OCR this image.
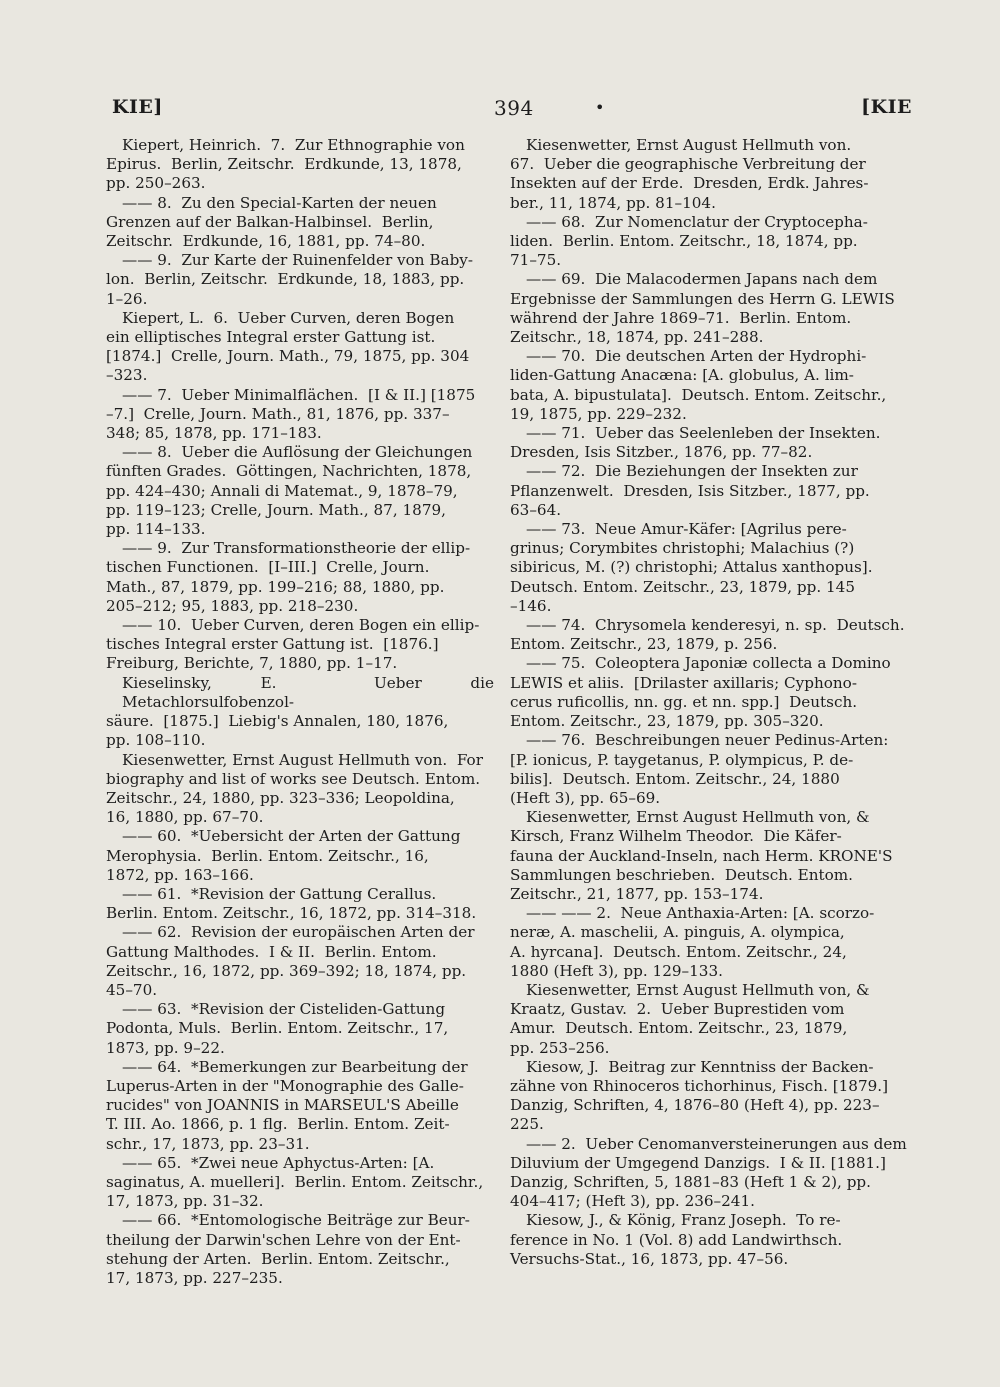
KIE]	394	•	[KIE
Kiepert, Heinrich.  7.  Zur Ethnographie von
Epirus.  Berlin, Zeitschr.  Erdkunde, 13, 1878,
pp. 250–263.
—— 8.  Zu den Special-Karten der neuen
Grenzen auf der Balkan-Halbinsel.  Berlin,
Zeitschr.  Erdkunde, 16, 1881, pp. 74–80.
—— 9.  Zur Karte der Ruinenfelder von Baby-
lon.  Berlin, Zeitschr.  Erdkunde, 18, 1883, pp.
1–26.
Kiepert, L.  6.  Ueber Curven, deren Bogen
ein elliptisches Integral erster Gattung ist.
[1874.]  Crelle, Journ. Math., 79, 1875, pp. 304
–323.
—— 7.  Ueber Minimalflächen.  [I & II.] [1875
–7.]  Crelle, Journ. Math., 81, 1876, pp. 337–
348; 85, 1878, pp. 171–183.
—— 8.  Ueber die Auflösung der Gleichungen
fünften Grades.  Göttingen, Nachrichten, 1878,
pp. 424–430; Annali di Matemat., 9, 1878–79,
pp. 119–123; Crelle, Journ. Math., 87, 1879,
pp. 114–133.
—— 9.  Zur Transformationstheorie der ellip-
tischen Functionen.  [I–III.]  Crelle, Journ.
Math., 87, 1879, pp. 199–216; 88, 1880, pp.
205–212; 95, 1883, pp. 218–230.
—— 10.  Ueber Curven, deren Bogen ein ellip-
tisches Integral erster Gattung ist.  [1876.]
Freiburg, Berichte, 7, 1880, pp. 1–17.
Kieselinsky, E.  Ueber die Metachlorsulfobenzol-
säure.  [1875.]  Liebig's Annalen, 180, 1876,
pp. 108–110.
Kiesenwetter, Ernst August Hellmuth von.  For
biography and list of works see Deutsch. Entom.
Zeitschr., 24, 1880, pp. 323–336; Leopoldina,
16, 1880, pp. 67–70.
—— 60.  *Uebersicht der Arten der Gattung
Merophysia.  Berlin. Entom. Zeitschr., 16,
1872, pp. 163–166.
—— 61.  *Revision der Gattung Cerallus.
Berlin. Entom. Zeitschr., 16, 1872, pp. 314–318.
—— 62.  Revision der europäischen Arten der
Gattung Malthodes.  I & II.  Berlin. Entom.
Zeitschr., 16, 1872, pp. 369–392; 18, 1874, pp.
45–70.
—— 63.  *Revision der Cisteliden-Gattung
Podonta, Muls.  Berlin. Entom. Zeitschr., 17,
1873, pp. 9–22.
—— 64.  *Bemerkungen zur Bearbeitung der
Luperus-Arten in der "Monographie des Galle-
rucides" von JOANNIS in MARSEUL'S Abeille
T. III. Ao. 1866, p. 1 flg.  Berlin. Entom. Zeit-
schr., 17, 1873, pp. 23–31.
—— 65.  *Zwei neue Aphyctus-Arten: [A.
saginatus, A. muelleri].  Berlin. Entom. Zeitschr.,
17, 1873, pp. 31–32.
—— 66.  *Entomologische Beiträge zur Beur-
theilung der Darwin'schen Lehre von der Ent-
stehung der Arten.  Berlin. Entom. Zeitschr.,
17, 1873, pp. 227–235.
Kiesenwetter, Ernst August Hellmuth von.
67.  Ueber die geographische Verbreitung der
Insekten auf der Erde.  Dresden, Erdk. Jahres-
ber., 11, 1874, pp. 81–104.
—— 68.  Zur Nomenclatur der Cryptocepha-
liden.  Berlin. Entom. Zeitschr., 18, 1874, pp.
71–75.
—— 69.  Die Malacodermen Japans nach dem
Ergebnisse der Sammlungen des Herrn G. LEWIS
während der Jahre 1869–71.  Berlin. Entom.
Zeitschr., 18, 1874, pp. 241–288.
—— 70.  Die deutschen Arten der Hydrophi-
liden-Gattung Anacæna: [A. globulus, A. lim-
bata, A. bipustulata].  Deutsch. Entom. Zeitschr.,
19, 1875, pp. 229–232.
—— 71.  Ueber das Seelenleben der Insekten.
Dresden, Isis Sitzber., 1876, pp. 77–82.
—— 72.  Die Beziehungen der Insekten zur
Pflanzenwelt.  Dresden, Isis Sitzber., 1877, pp.
63–64.
—— 73.  Neue Amur-Käfer: [Agrilus pere-
grinus; Corymbites christophi; Malachius (?)
sibiricus, M. (?) christophi; Attalus xanthopus].
Deutsch. Entom. Zeitschr., 23, 1879, pp. 145
–146.
—— 74.  Chrysomela kenderesyi, n. sp.  Deutsch.
Entom. Zeitschr., 23, 1879, p. 256.
—— 75.  Coleoptera Japoniæ collecta a Domino
LEWIS et aliis.  [Drilaster axillaris; Cyphono-
cerus ruficollis, nn. gg. et nn. spp.]  Deutsch.
Entom. Zeitschr., 23, 1879, pp. 305–320.
—— 76.  Beschreibungen neuer Pedinus-Arten:
[P. ionicus, P. taygetanus, P. olympicus, P. de-
bilis].  Deutsch. Entom. Zeitschr., 24, 1880
(Heft 3), pp. 65–69.
Kiesenwetter, Ernst August Hellmuth von, &
Kirsch, Franz Wilhelm Theodor.  Die Käfer-
fauna der Auckland-Inseln, nach Herm. KRONE'S
Sammlungen beschrieben.  Deutsch. Entom.
Zeitschr., 21, 1877, pp. 153–174.
—— —— 2.  Neue Anthaxia-Arten: [A. scorzo-
neræ, A. maschelii, A. pinguis, A. olympica,
A. hyrcana].  Deutsch. Entom. Zeitschr., 24,
1880 (Heft 3), pp. 129–133.
Kiesenwetter, Ernst August Hellmuth von, &
Kraatz, Gustav.  2.  Ueber Buprestiden vom
Amur.  Deutsch. Entom. Zeitschr., 23, 1879,
pp. 253–256.
Kiesow, J.  Beitrag zur Kenntniss der Backen-
zähne von Rhinoceros tichorhinus, Fisch. [1879.]
Danzig, Schriften, 4, 1876–80 (Heft 4), pp. 223–
225.
—— 2.  Ueber Cenomanversteinerungen aus dem
Diluvium der Umgegend Danzigs.  I & II. [1881.]
Danzig, Schriften, 5, 1881–83 (Heft 1 & 2), pp.
404–417; (Heft 3), pp. 236–241.
Kiesow, J., & König, Franz Joseph.  To re-
ference in No. 1 (Vol. 8) add Landwirthsch.
Versuchs-Stat., 16, 1873, pp. 47–56.
